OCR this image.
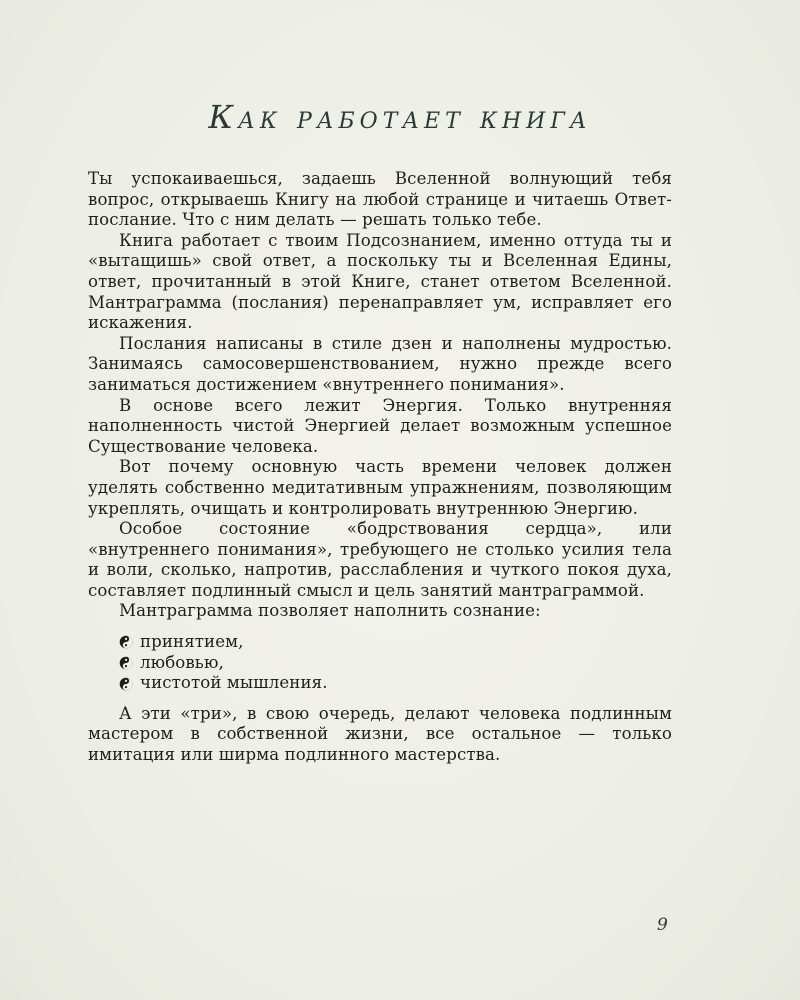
Как работает книга

Ты успокаиваешься, задаешь Вселенной волнующий тебя вопрос, открываешь Книгу на любой странице и читаешь Ответ-послание. Что с ним делать — решать только тебе.

Книга работает с твоим Подсознанием, именно оттуда ты и «вытащишь» свой ответ, а поскольку ты и Вселенная Едины, ответ, прочитанный в этой Книге, станет ответом Вселенной. Мантраграмма (послания) перенаправляет ум, исправляет его искажения.

Послания написаны в стиле дзен и наполнены мудростью. Занимаясь самосовершенствованием, нужно прежде всего заниматься достижением «внутреннего понимания».

В основе всего лежит Энергия. Только внутренняя наполненность чистой Энергией делает возможным успешное Существование человека.

Вот почему основную часть времени человек должен уделять собственно медитативным упражнениям, позволяющим укреплять, очищать и контролировать внутреннюю Энергию.

Особое состояние «бодрствования сердца», или «внутреннего понимания», требующего не столько усилия тела и воли, сколько, напротив, расслабления и чуткого покоя духа, составляет подлинный смысл и цель занятий мантраграммой.

Мантраграмма позволяет наполнить сознание:

принятием,
любовью,
чистотой мышления.

А эти «три», в свою очередь, делают человека подлинным мастером в собственной жизни, все остальное — только имитация или ширма подлинного мастерства.

9
